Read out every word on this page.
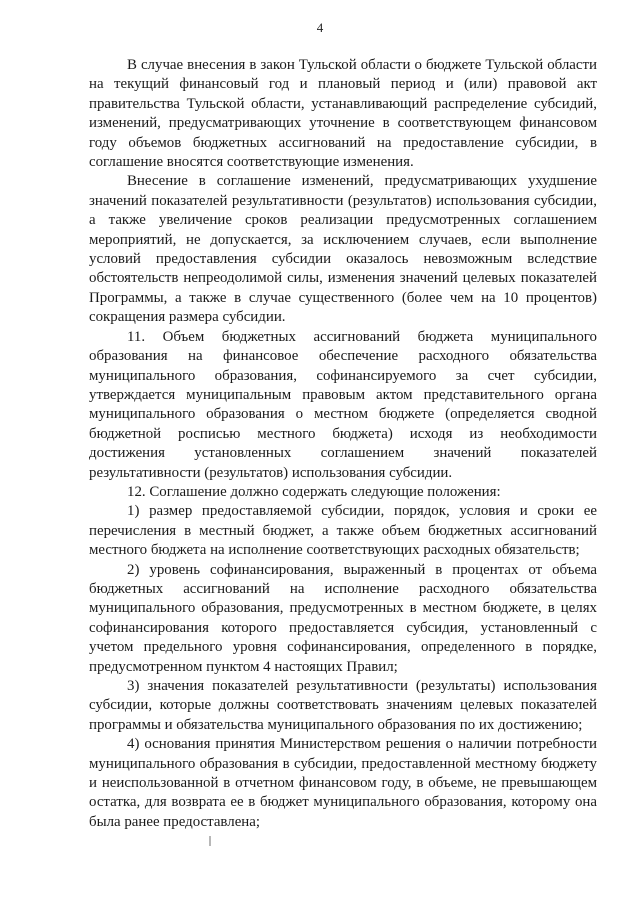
4

В случае внесения в закон Тульской области о бюджете Тульской области на текущий финансовый год и плановый период и (или) правовой акт правительства Тульской области, устанавливающий распределение субсидий, изменений, предусматривающих уточнение в соответствующем финансовом году объемов бюджетных ассигнований на предоставление субсидии, в соглашение вносятся соответствующие изменения.

Внесение в соглашение изменений, предусматривающих ухудшение значений показателей результативности (результатов) использования субсидии, а также увеличение сроков реализации предусмотренных соглашением мероприятий, не допускается, за исключением случаев, если выполнение условий предоставления субсидии оказалось невозможным вследствие обстоятельств непреодолимой силы, изменения значений целевых показателей Программы, а также в случае существенного (более чем на 10 процентов) сокращения размера субсидии.

11. Объем бюджетных ассигнований бюджета муниципального образования на финансовое обеспечение расходного обязательства муниципального образования, софинансируемого за счет субсидии, утверждается муниципальным правовым актом представительного органа муниципального образования о местном бюджете (определяется сводной бюджетной росписью местного бюджета) исходя из необходимости достижения установленных соглашением значений показателей результативности (результатов) использования субсидии.

12. Соглашение должно содержать следующие положения:

1) размер предоставляемой субсидии, порядок, условия и сроки ее перечисления в местный бюджет, а также объем бюджетных ассигнований местного бюджета на исполнение соответствующих расходных обязательств;

2) уровень софинансирования, выраженный в процентах от объема бюджетных ассигнований на исполнение расходного обязательства муниципального образования, предусмотренных в местном бюджете, в целях софинансирования которого предоставляется субсидия, установленный с учетом предельного уровня софинансирования, определенного в порядке, предусмотренном пунктом 4 настоящих Правил;

3) значения показателей результативности (результаты) использования субсидии, которые должны соответствовать значениям целевых показателей программы и обязательства муниципального образования по их достижению;

4) основания принятия Министерством решения о наличии потребности муниципального образования в субсидии, предоставленной местному бюджету и неиспользованной в отчетном финансовом году, в объеме, не превышающем остатка, для возврата ее в бюджет муниципального образования, которому она была ранее предоставлена;
